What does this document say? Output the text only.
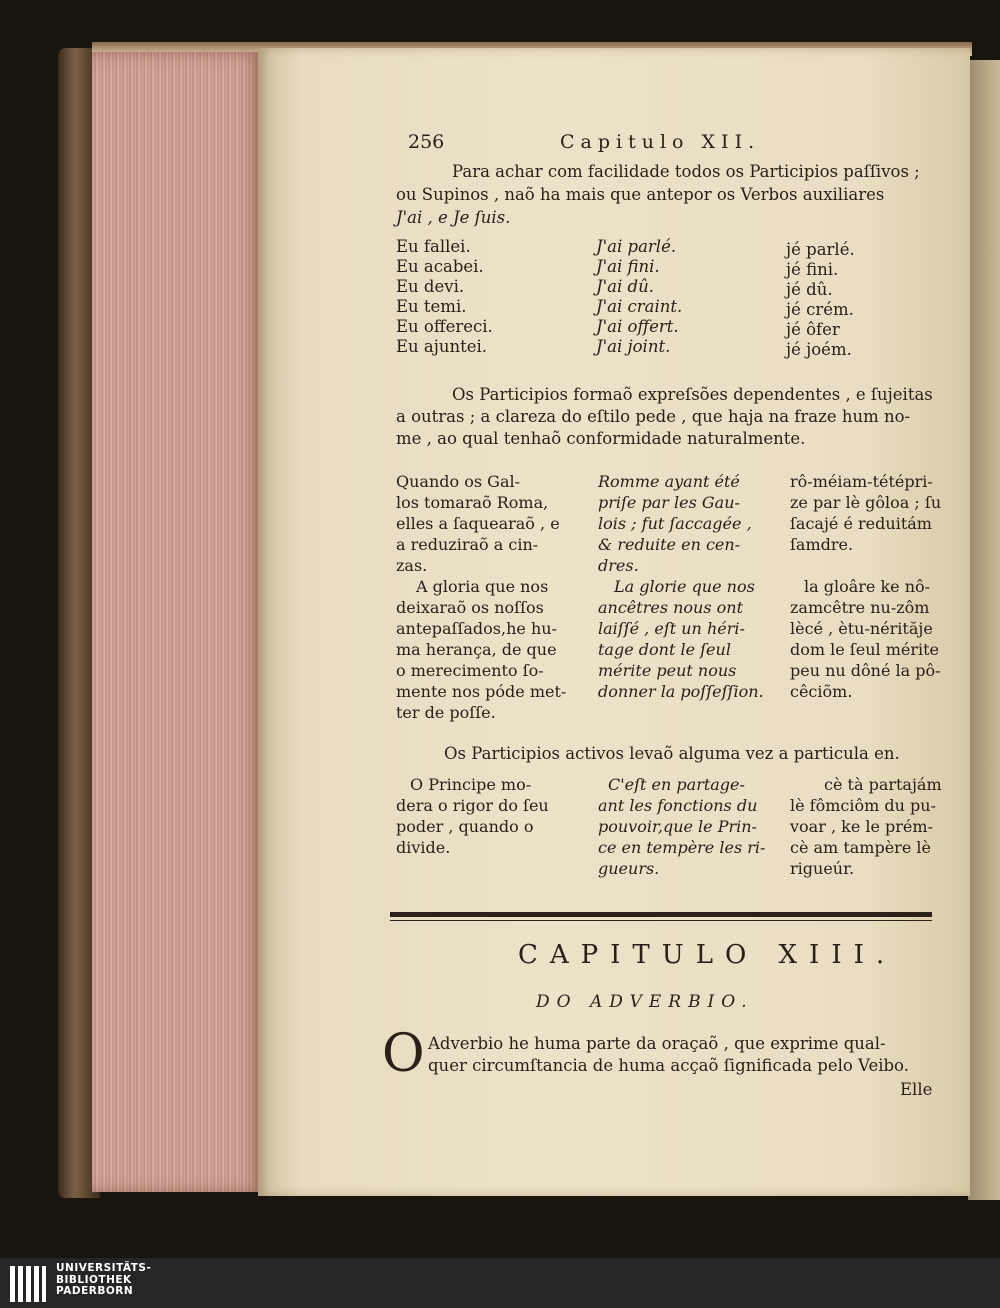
256	Capitulo XII.
Para achar com facilidade todos os Participios paſſivos ;
ou Supinos , naõ ha mais que antepor os Verbos auxiliares
J'ai , e Je ſuis.
Eu fallei.
Eu acabei.
Eu devi.
Eu temi.
Eu offereci.
Eu ajuntei.
J'ai parlé.
J'ai fini.
J'ai dû.
J'ai craint.
J'ai offert.
J'ai joint.
jé parlé.
jé fini.
jé dû.
jé crém.
jé ôfer
jé joém.
Os Participios formaõ expreſsões dependentes , e ſujeitas
a outras ; a clareza do eſtilo pede , que haja na fraze hum no-
me , ao qual tenhaõ conformidade naturalmente.
Quando os Gal-
los tomaraõ Roma,
elles a ſaquearaõ , e
a reduziraõ a cin-
zas.
Romme ayant été
priſe par les Gau-
lois ; fut ſaccagée ,
& reduite en cen-
dres.
rô-méiam-tétépri-
ze par lè gôloa ; ſu
ſacajé é reduitám
ſamdre.
A gloria que nos
deixaraõ os noſſos
antepaſſados,he hu-
ma herança, de que
o merecimento ſo-
mente nos póde met-
ter de poſſe.
La glorie que nos
ancêtres nous ont
laiſſé , eſt un héri-
tage dont le ſeul
mérite peut nous
donner la poſſeſſion.
la gloâre ke nô-
zamcêtre nu-zôm
lècé , ètu-nérităje
dom le ſeul mérite
peu nu dôné la pô-
cêciõm.
Os Participios activos levaõ alguma vez a particula en.
O Principe mo-
dera o rigor do ſeu
poder , quando o
divide.
C'eſt en partage-
ant les fonctions du
pouvoir,que le Prin-
ce en tempère les ri-
gueurs.
cè tà partajám
lè fômciôm du pu-
voar , ke le prém-
cè am tampère lè
rigueúr.
CAPITULO XIII.
DO ADVERBIO.
O Adverbio he huma parte da oraçaõ , que exprime qual-
quer circumſtancia de huma acçaõ ſignificada pelo Veibo.
Elle
UNIVERSITÄTS-
BIBLIOTHEK
PADERBORN
